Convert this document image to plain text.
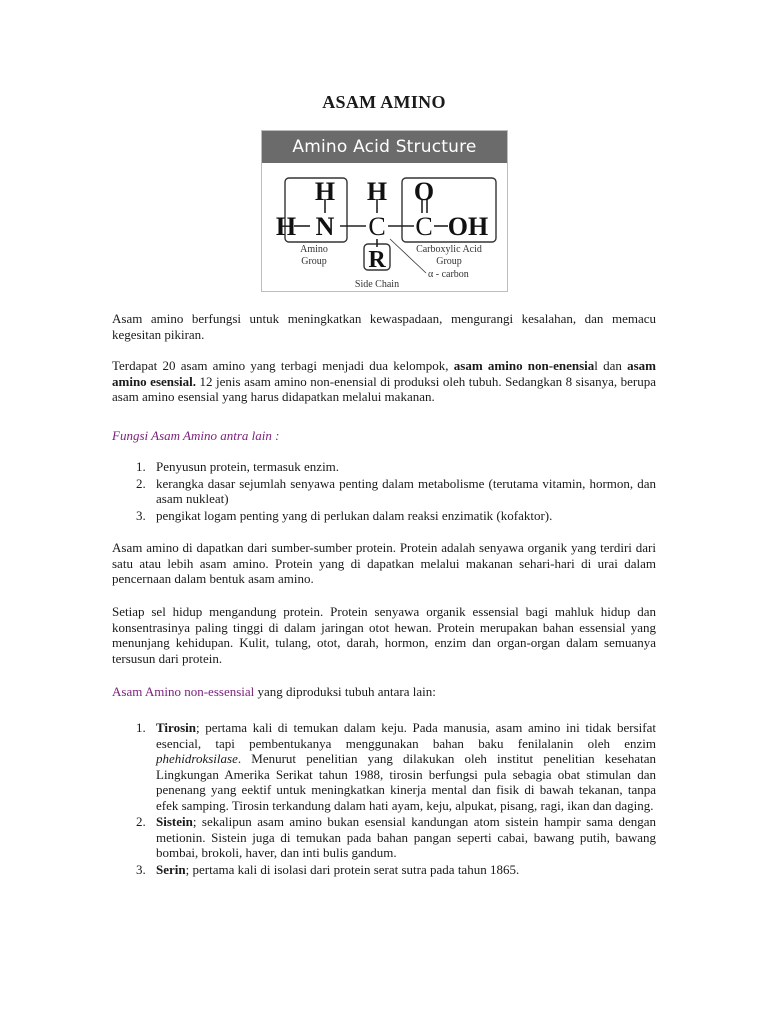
ASAM AMINO
Amino Acid Structure
H H O
H N C C OH
R
Amino
Group
Carboxylic Acid
Group
Side Chain
α - carbon
Asam amino berfungsi untuk meningkatkan kewaspadaan, mengurangi kesalahan, dan memacu kegesitan pikiran.
Terdapat 20 asam amino yang terbagi menjadi dua kelompok, asam amino non-enensial dan asam amino esensial. 12 jenis asam amino non-enensial di produksi oleh tubuh. Sedangkan 8 sisanya, berupa asam amino esensial yang harus didapatkan melalui makanan.
Fungsi Asam Amino antra lain :
1. Penyusun protein, termasuk enzim.
2. kerangka dasar sejumlah senyawa penting dalam metabolisme (terutama vitamin, hormon, dan asam nukleat)
3. pengikat logam penting yang di perlukan dalam reaksi enzimatik (kofaktor).
Asam amino di dapatkan dari sumber-sumber protein. Protein adalah senyawa organik yang terdiri dari satu atau lebih asam amino. Protein yang di dapatkan melalui makanan sehari-hari di urai dalam pencernaan dalam bentuk asam amino.
Setiap sel hidup mengandung protein. Protein senyawa organik essensial bagi mahluk hidup dan konsentrasinya paling tinggi di dalam jaringan otot hewan. Protein merupakan bahan essensial yang menunjang kehidupan. Kulit, tulang, otot, darah, hormon, enzim dan organ-organ dalam semuanya tersusun dari protein.
Asam Amino non-essensial yang diproduksi tubuh antara lain:
1. Tirosin; pertama kali di temukan dalam keju. Pada manusia, asam amino ini tidak bersifat esencial, tapi pembentukanya menggunakan bahan baku fenilalanin oleh enzim phehidroksilase. Menurut penelitian yang dilakukan oleh institut penelitian kesehatan Lingkungan Amerika Serikat tahun 1988, tirosin berfungsi pula sebagia obat stimulan dan penenang yang eektif untuk meningkatkan kinerja mental dan fisik di bawah tekanan, tanpa efek samping. Tirosin terkandung dalam hati ayam, keju, alpukat, pisang, ragi, ikan dan daging.
2. Sistein; sekalipun asam amino bukan esensial kandungan atom sistein hampir sama dengan metionin. Sistein juga di temukan pada bahan pangan seperti cabai, bawang putih, bawang bombai, brokoli, haver, dan inti bulis gandum.
3. Serin; pertama kali di isolasi dari protein serat sutra pada tahun 1865.
